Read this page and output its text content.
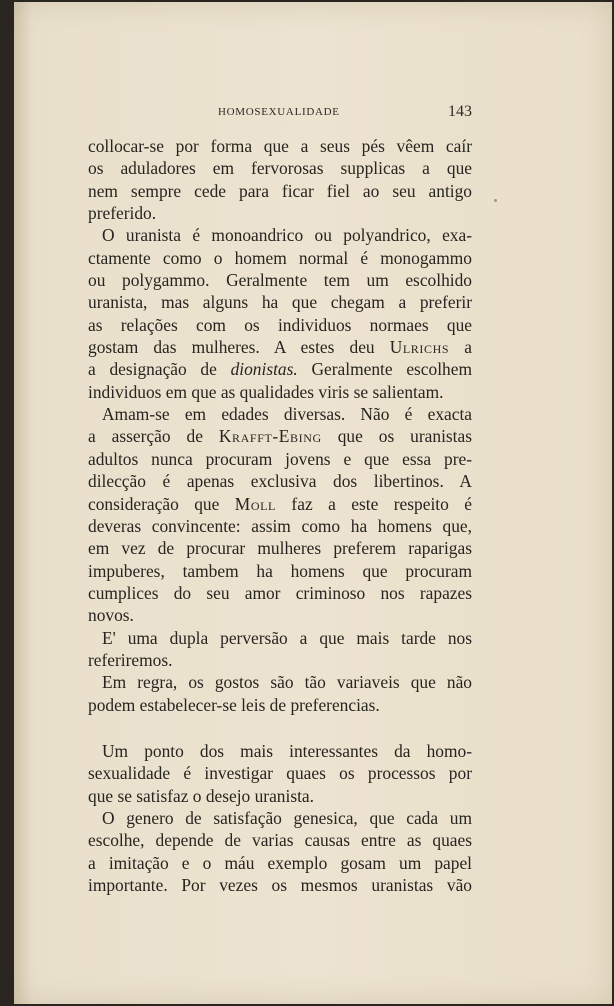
HOMOSEXUALIDADE	143
collocar-se por forma que a seus pés vêem caír
os aduladores em fervorosas supplicas a que
nem sempre cede para ficar fiel ao seu antigo
preferido.
O uranista é monoandrico ou polyandrico, exa-
ctamente como o homem normal é monogammo
ou polygammo. Geralmente tem um escolhido
uranista, mas alguns ha que chegam a preferir
as relações com os individuos normaes que
gostam das mulheres. A estes deu Ulrichs a
a designação de dionistas. Geralmente escolhem
individuos em que as qualidades viris se salientam.
Amam-se em edades diversas. Não é exacta
a asserção de Krafft-Ebing que os uranistas
adultos nunca procuram jovens e que essa pre-
dilecção é apenas exclusiva dos libertinos. A
consideração que Moll faz a este respeito é
deveras convincente: assim como ha homens que,
em vez de procurar mulheres preferem raparigas
impuberes, tambem ha homens que procuram
cumplices do seu amor criminoso nos rapazes
novos.
E' uma dupla perversão a que mais tarde nos
referiremos.
Em regra, os gostos são tão variaveis que não
podem estabelecer-se leis de preferencias.
Um ponto dos mais interessantes da homo-
sexualidade é investigar quaes os processos por
que se satisfaz o desejo uranista.
O genero de satisfação genesica, que cada um
escolhe, depende de varias causas entre as quaes
a imitação e o máu exemplo gosam um papel
importante. Por vezes os mesmos uranistas vão
